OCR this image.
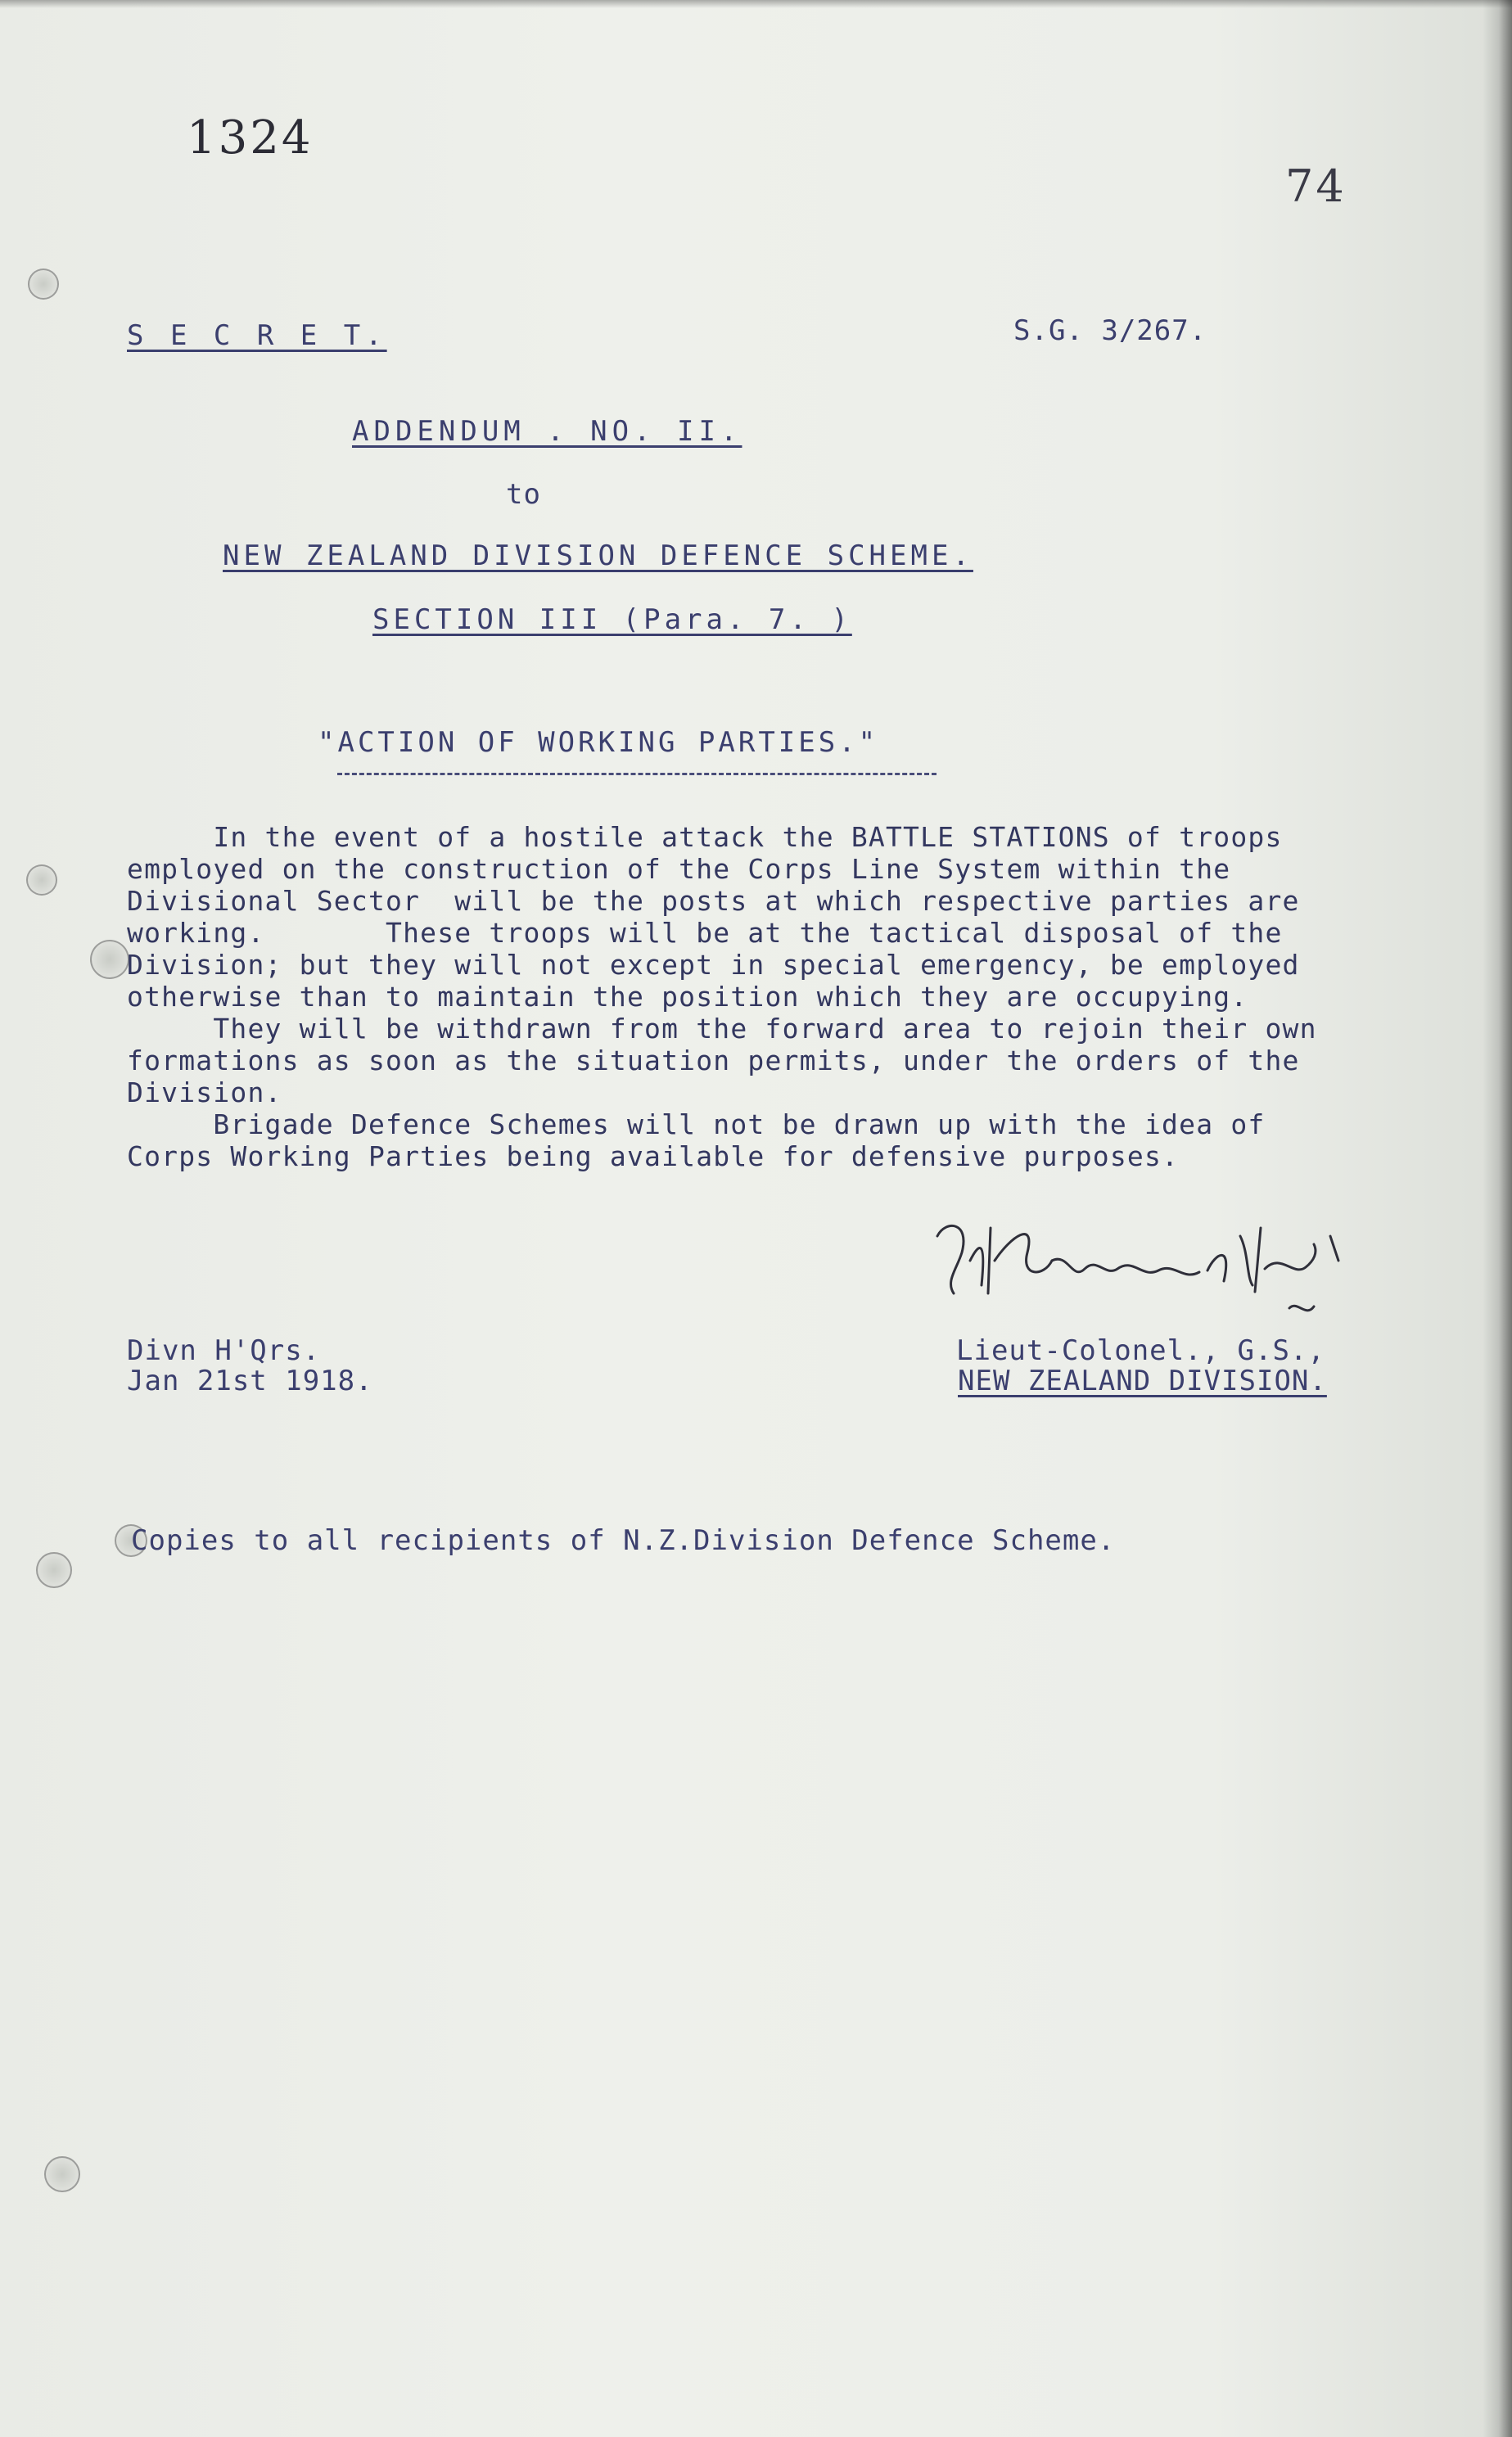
1324
74
S E C R E T.	S.G. 3/267.
ADDENDUM . NO. II.
to
NEW ZEALAND DIVISION DEFENCE SCHEME.
SECTION III (Para. 7. )
"ACTION OF WORKING PARTIES."
In the event of a hostile attack the BATTLE STATIONS of troops
employed on the construction of the Corps Line System within the
Divisional Sector  will be the posts at which respective parties are
working.       These troops will be at the tactical disposal of the
Division; but they will not except in special emergency, be employed
otherwise than to maintain the position which they are occupying.
They will be withdrawn from the forward area to rejoin their own
formations as soon as the situation permits, under the orders of the
Division.
Brigade Defence Schemes will not be drawn up with the idea of
Corps Working Parties being available for defensive purposes.
Divn H'Qrs.
Jan 21st 1918.
Lieut-Colonel., G.S.,
NEW ZEALAND DIVISION.
Copies to all recipients of N.Z.Division Defence Scheme.
